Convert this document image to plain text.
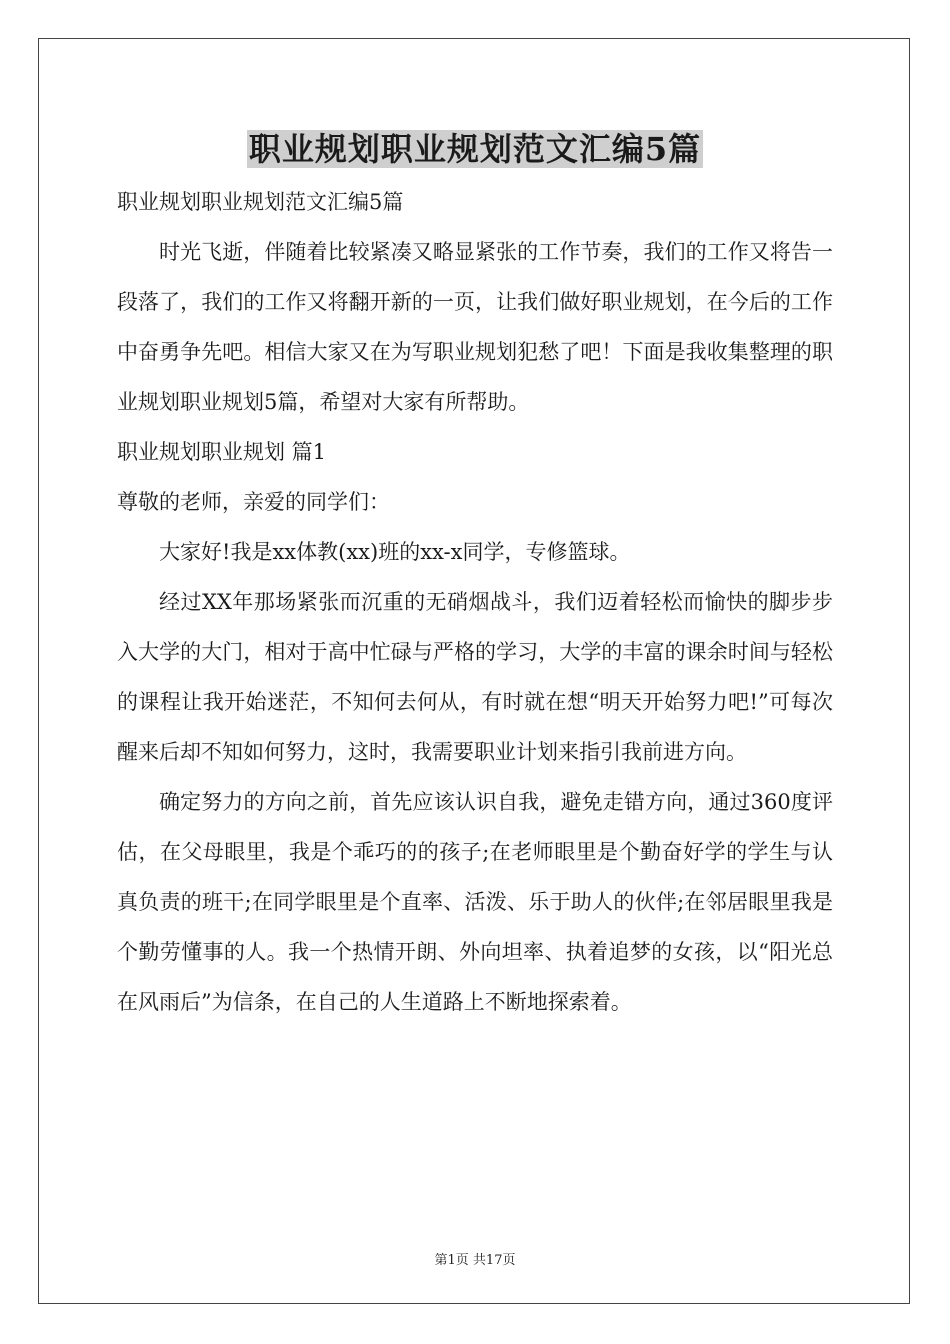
职业规划职业规划范文汇编5篇

职业规划职业规划范文汇编5篇

时光飞逝，伴随着比较紧凑又略显紧张的工作节奏，我们的工作又将告一段落了，我们的工作又将翻开新的一页，让我们做好职业规划，在今后的工作中奋勇争先吧。相信大家又在为写职业规划犯愁了吧！下面是我收集整理的职业规划职业规划5篇，希望对大家有所帮助。

职业规划职业规划 篇1

尊敬的老师，亲爱的同学们：

大家好!我是xx体教(xx)班的xx-x同学，专修篮球。

经过XX年那场紧张而沉重的无硝烟战斗，我们迈着轻松而愉快的脚步步入大学的大门，相对于高中忙碌与严格的学习，大学的丰富的课余时间与轻松的课程让我开始迷茫，不知何去何从，有时就在想“明天开始努力吧!”可每次醒来后却不知如何努力，这时，我需要职业计划来指引我前进方向。

确定努力的方向之前，首先应该认识自我，避免走错方向，通过360度评估，在父母眼里，我是个乖巧的的孩子;在老师眼里是个勤奋好学的学生与认真负责的班干;在同学眼里是个直率、活泼、乐于助人的伙伴;在邻居眼里我是个勤劳懂事的人。我一个热情开朗、外向坦率、执着追梦的女孩，以“阳光总在风雨后”为信条，在自己的人生道路上不断地探索着。

第1页 共17页
